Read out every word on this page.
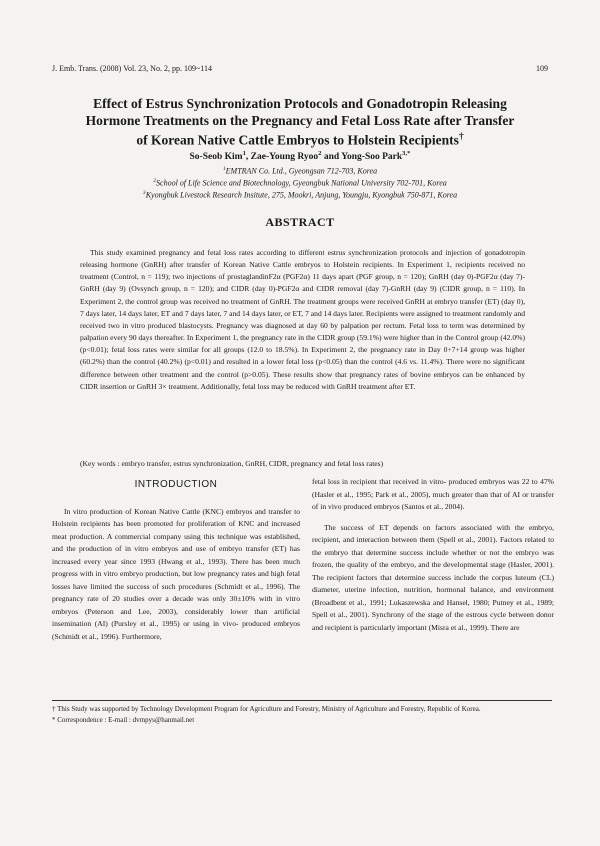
J. Emb. Trans. (2008) Vol. 23, No. 2, pp. 109~114	109
Effect of Estrus Synchronization Protocols and Gonadotropin Releasing
Hormone Treatments on the Pregnancy and Fetal Loss Rate after Transfer
of Korean Native Cattle Embryos to Holstein Recipients†
So-Seob Kim$^1$, Zae-Young Ryoo$^2$ and Yong-Soo Park$^{3,*}$
$^1$EMTRAN Co. Ltd., Gyeongsan 712-703, Korea
$^2$School of Life Science and Biotechnology, Gyeongbuk National University 702-701, Korea
$^3$Kyongbuk Livestock Research Insitute, 275, Mookri, Anjung, Youngju, Kyongbuk 750-871, Korea
ABSTRACT

This study examined pregnancy and fetal loss rates according to different estrus synchronization protocols and injection of gonadotropin releasing hormone (GnRH) after transfer of Korean Native Cattle embryos to Holstein recipients. In Experiment 1, recipients received no treatment (Control, n = 119); two injections of prostaglandinF2α (PGF2α) 11 days apart (PGF group, n = 120); GnRH (day 0)-PGF2α (day 7)-GnRH (day 9) (Ovsynch group, n = 120); and CIDR (day 0)-PGF2α and CIDR removal (day 7)-GnRH (day 9) (CIDR group, n = 110). In Experiment 2, the control group was received no treatment of GnRH. The treatment groups were received GnRH at embryo transfer (ET) (day 0), 7 days later, 14 days later, ET and 7 days later, 7 and 14 days later, or ET, 7 and 14 days later. Recipients were assigned to treatment randomly and received two in vitro produced blastocysts. Pregnancy was diagnosed at day 60 by palpation per rectum. Fetal loss to term was determined by palpation every 90 days thereafter. In Experiment 1, the pregnancy rate in the CIDR group (59.1%) were higher than in the Control group (42.0%) (p<0.01); fetal loss rates were similar for all groups (12.0 to 18.5%). In Experiment 2, the pregnancy rate in Day 0+7+14 group was higher (60.2%) than the control (40.2%) (p<0.01) and resulted in a lower fetal loss (p<0.05) than the control (4.6 vs. 11.4%). There were no significant difference between other treatment and the control (p>0.05). These results show that pregnancy rates of bovine embryos can be enhanced by CIDR insertion or GnRH 3× treatment. Additionally, fetal loss may be reduced with GnRH treatment after ET.

(Key words : embryo transfer, estrus synchronization, GnRH, CIDR, pregnancy and fetal loss rates)
INTRODUCTION

In vitro production of Korean Native Cattle (KNC) embryos and transfer to Holstein recipients has been promoted for proliferation of KNC and increased meat production. A commercial company using this technique was established, and the production of in vitro embryos and use of embryo transfer (ET) has increased every year since 1993 (Hwang et al., 1993). There has been much progress with in vitro embryo production, but low pregnancy rates and high fetal losses have limited the success of such procedures (Schmidt et al., 1996). The pregnancy rate of 20 studies over a decade was only 30±10% with in vitro embryos (Peterson and Lee, 2003), considerably lower than artificial insemination (AI) (Pursley et al., 1995) or using in vivo- produced embryos (Schmidt et al., 1996). Furthermore,

fetal loss in recipient that received in vitro- produced embryos was 22 to 47% (Hasler et al., 1995; Park et al., 2005), much greater than that of AI or transfer of in vivo produced embryos (Santos et al., 2004).

The success of ET depends on factors associated with the embryo, recipient, and interaction between them (Spell et al., 2001). Factors related to the embryo that determine success include whether or not the embryo was frozen, the quality of the embryo, and the developmental stage (Hasler, 2001). The recipient factors that determine success include the corpus luteum (CL) diameter, uterine infection, nutrition, hormonal balance, and environment (Broadbent et al., 1991; Lukaszewska and Hansel, 1980; Putney et al., 1989; Spell et al., 2001). Synchrony of the stage of the estrous cycle between donor and recipient is particularly important (Misra et al., 1999). There are

† This Study was supported by Technology Development Program for Agriculture and Forestry, Ministry of Agriculture and Forestry, Republic of Korea.
* Correspondence : E-mail : dvmpys@hanmail.net
